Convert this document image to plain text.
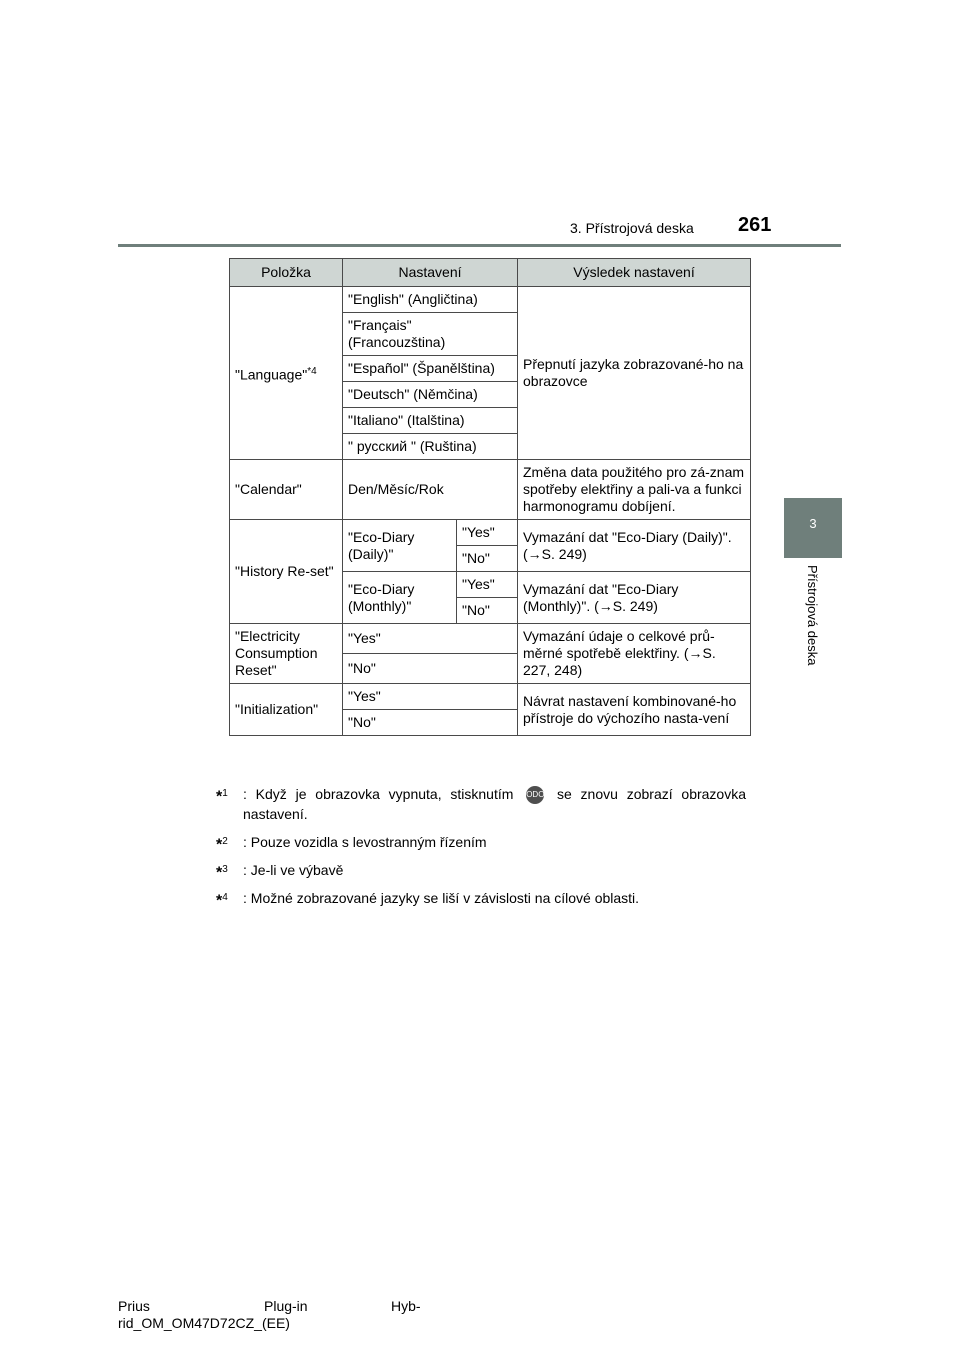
3. Přístrojová deska 261
3
Přístrojová deska
Položka	Nastavení		Výsledek nastavení
"Language"$^{*4}$	"English" (Angličtina)		Přepnutí jazyka zobrazované-ho na obrazovce
	"Français" (Francouzština)		
	"Español" (Španělština)		
	"Deutsch" (Němčina)		
	"Italiano" (Italština)		
	" русский " (Ruština)		
"Calendar"	Den/Měsíc/Rok		Změna data použitého pro zá-znam spotřeby elektřiny a pali-va a funkci harmonogramu dobíjení.
"History Re-set"	"Eco-Diary (Daily)"	"Yes"	Vymazání dat "Eco-Diary (Daily)". (→S. 249)
		"No"	
	"Eco-Diary (Monthly)"	"Yes"	Vymazání dat "Eco-Diary (Monthly)". (→S. 249)
		"No"	
"Electricity Consumption Reset"	"Yes"		Vymazání údaje o celkové prů-měrné spotřebě elektřiny. (→S. 227, 248)
	"No"		
"Initialization"	"Yes"		Návrat nastavení kombinované-ho přístroje do výchozího nasta-vení
	"No"		
*$^1$ : Když je obrazovka vypnuta, stisknutím ODO se znovu zobrazí obrazovka nastavení.
*$^2$ : Pouze vozidla s levostranným řízením
*$^3$ : Je-li ve výbavě
*$^4$ : Možné zobrazované jazyky se liší v závislosti na cílové oblasti.
Prius	Plug-in	Hyb-
rid_OM_OM47D72CZ_(EE)
